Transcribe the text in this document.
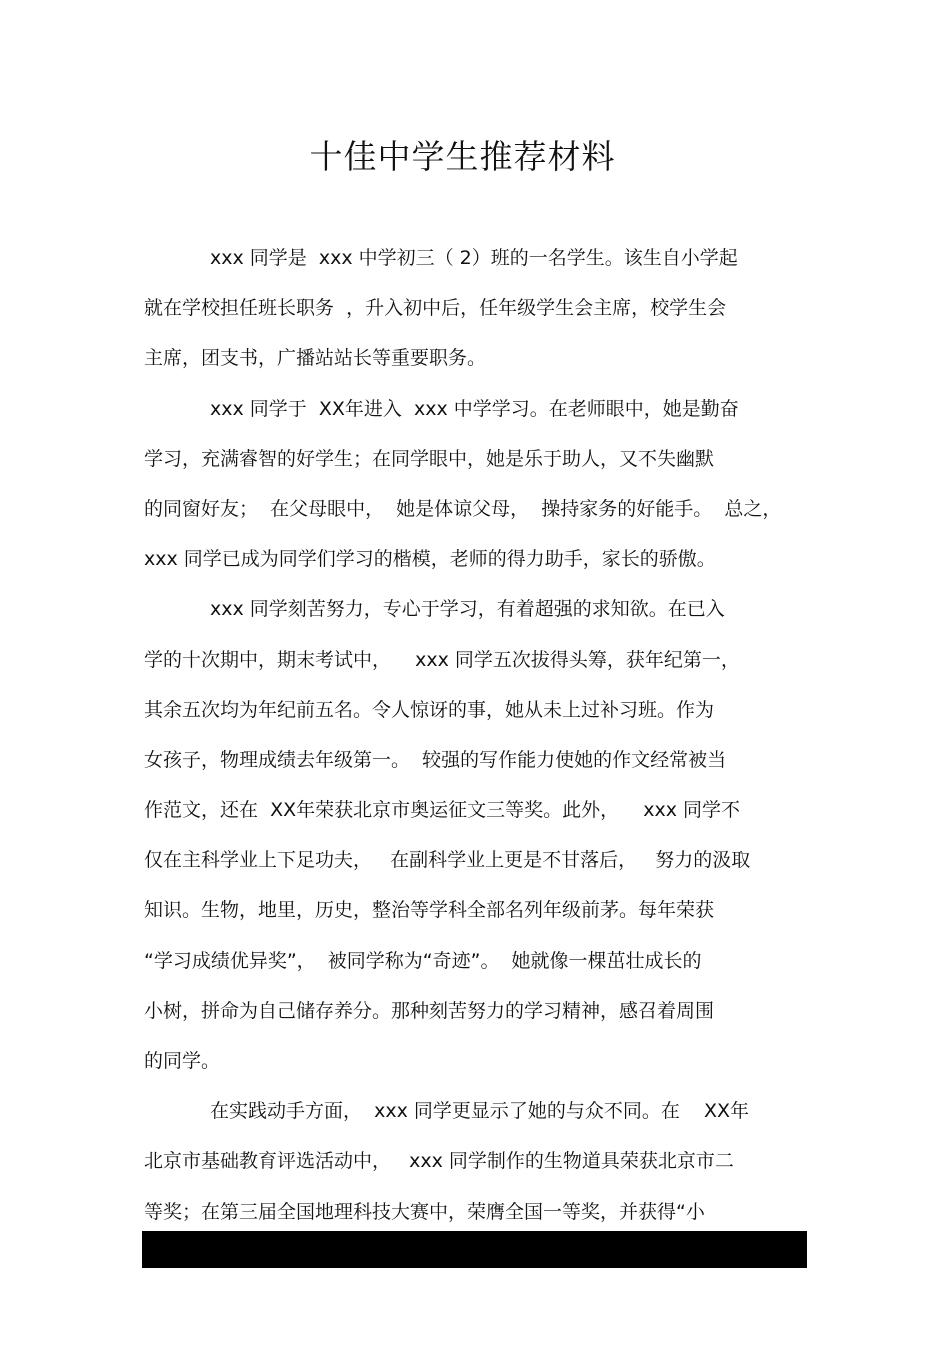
十佳中学生推荐材料
xxx 同学是  xxx 中学初三（ 2）班的一名学生。该生自小学起
就在学校担任班长职务  ，升入初中后，任年级学生会主席，校学生会
主席，团支书，广播站站长等重要职务。
xxx 同学于  XX年进入  xxx 中学学习。在老师眼中，她是勤奋
学习，充满睿智的好学生；在同学眼中，她是乐于助人，又不失幽默
的同窗好友；  在父母眼中，  她是体谅父母，  操持家务的好能手。  总之，
xxx 同学已成为同学们学习的楷模，老师的得力助手，家长的骄傲。
xxx 同学刻苦努力，专心于学习，有着超强的求知欲。在已入
学的十次期中，期末考试中，    xxx 同学五次拔得头筹，获年纪第一，
其余五次均为年纪前五名。令人惊讶的事，她从未上过补习班。作为
女孩子，物理成绩去年级第一。  较强的写作能力使她的作文经常被当
作范文，还在  XX年荣获北京市奥运征文三等奖。此外，    xxx 同学不
仅在主科学业上下足功夫，   在副科学业上更是不甘落后，   努力的汲取
知识。生物，地里，历史，整治等学科全部名列年级前茅。每年荣获
“学习成绩优异奖”，  被同学称为“奇迹”。  她就像一棵茁壮成长的
小树，拼命为自己储存养分。那种刻苦努力的学习精神，感召着周围
的同学。
在实践动手方面，  xxx 同学更显示了她的与众不同。在    XX年
北京市基础教育评选活动中，   xxx 同学制作的生物道具荣获北京市二
等奖；在第三届全国地理科技大赛中，荣膺全国一等奖，并获得“小
